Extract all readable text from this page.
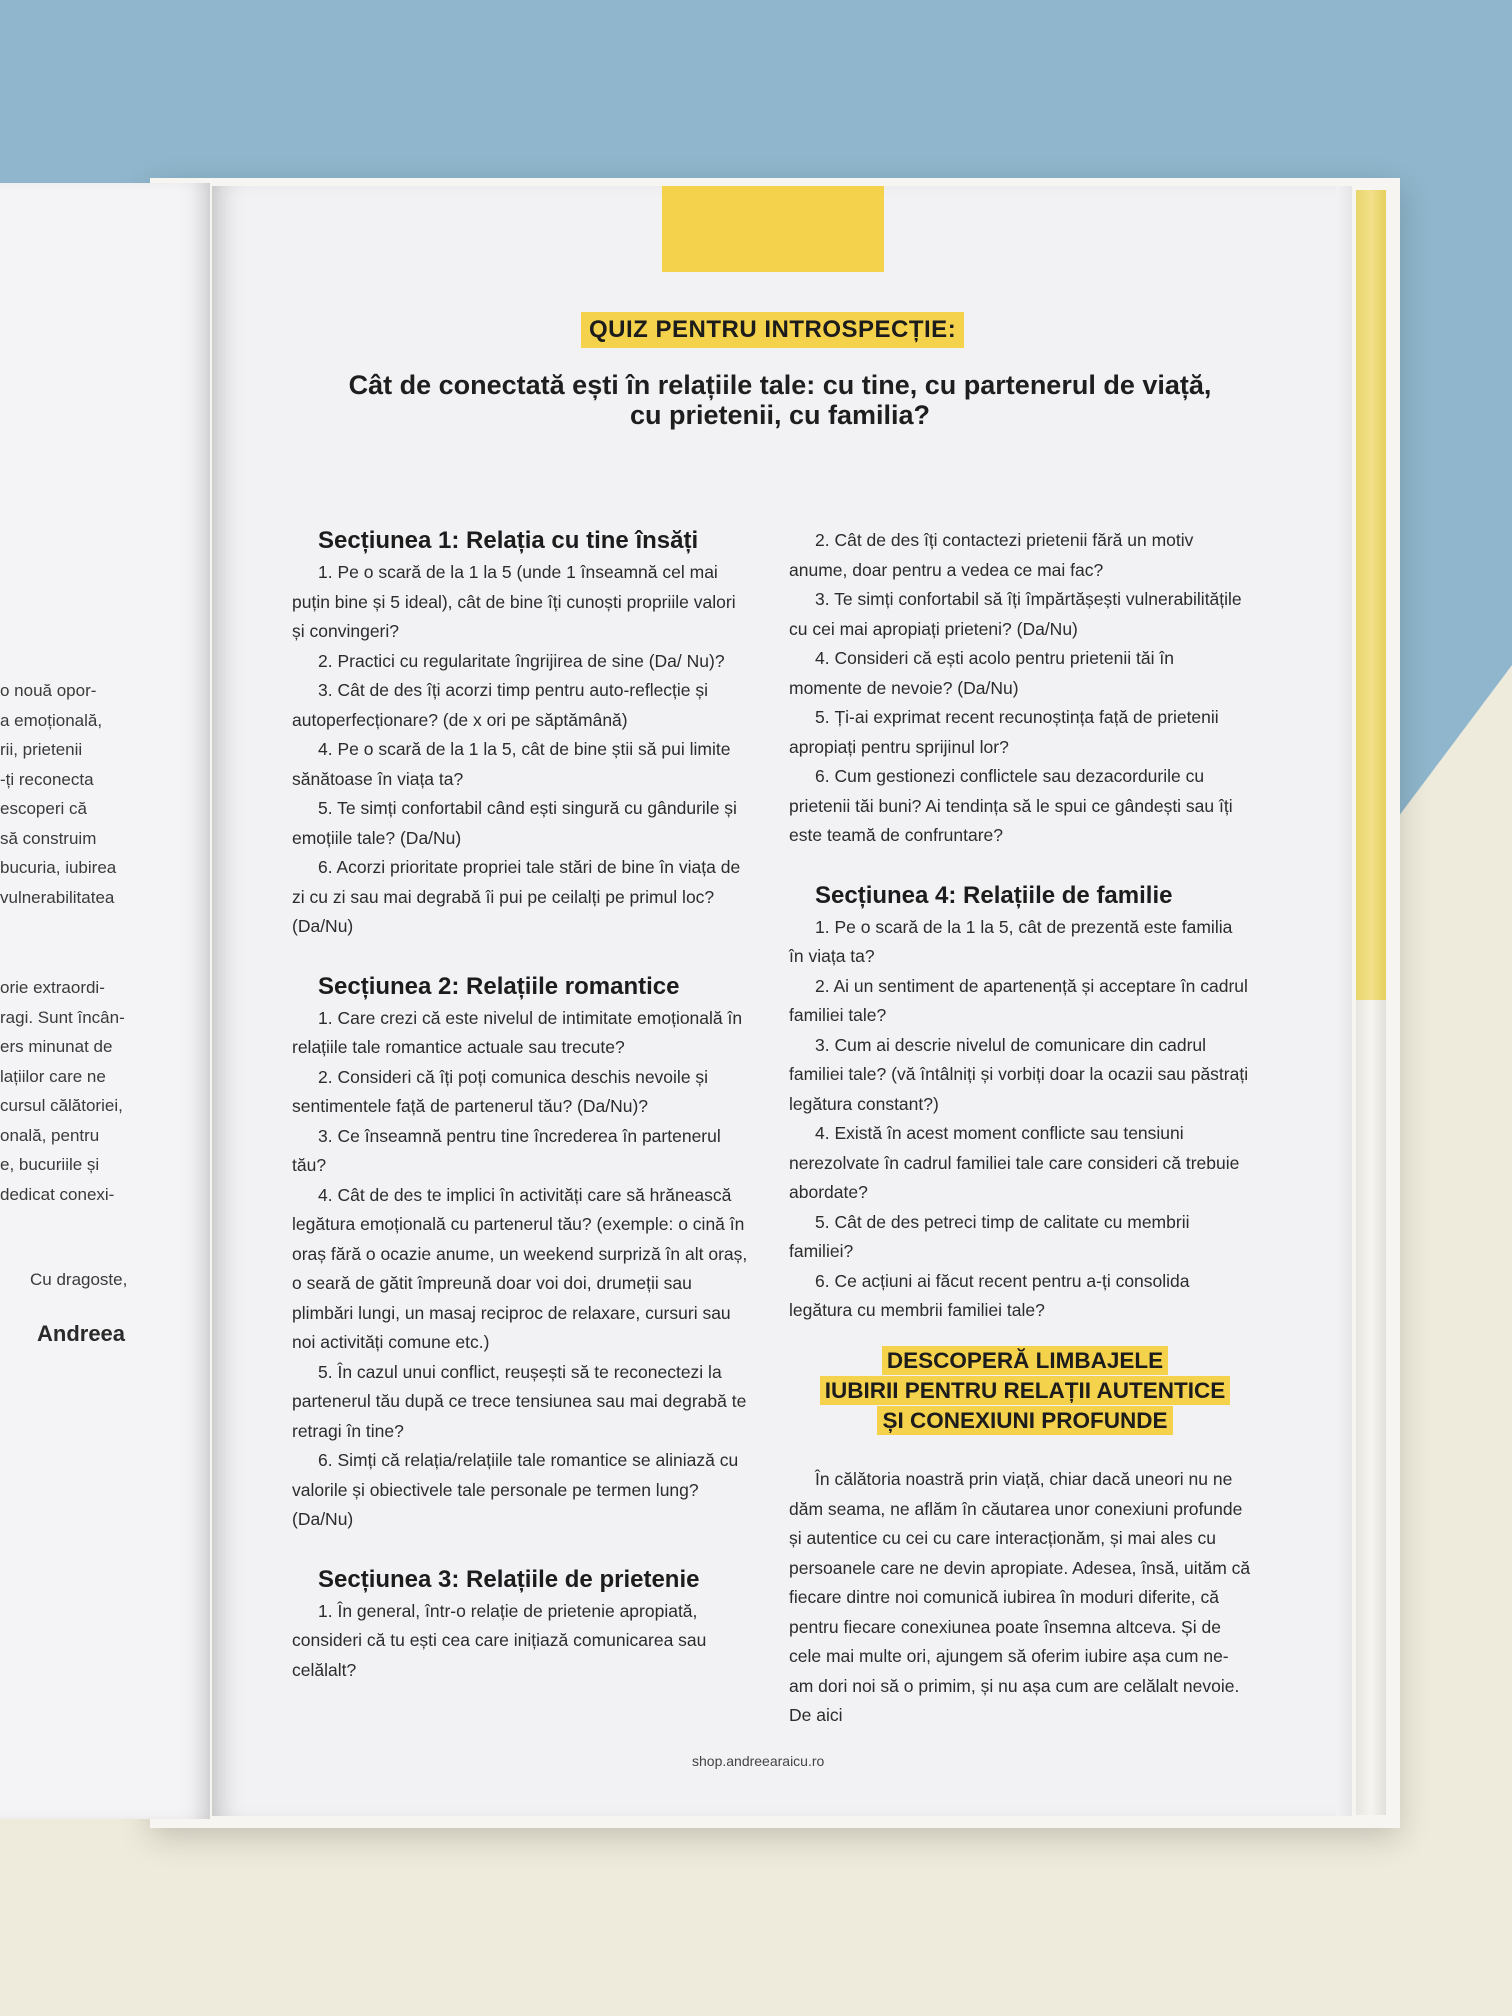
o nouă opor-
a emoțională,
rii, prietenii
-ți reconecta
escoperi că
să construim
bucuria, iubirea
vulnerabilitatea
orie extraordi-
ragi. Sunt încân-
ers minunat de
lațiilor care ne
cursul călătoriei,
onală, pentru
e, bucuriile și
dedicat conexi-
Cu dragoste,
Andreea
QUIZ PENTRU INTROSPECȚIE:
Cât de conectată ești în relațiile tale: cu tine, cu partenerul de viață,
cu prietenii, cu familia?
Secțiunea 1: Relația cu tine însăți

1. Pe o scară de la 1 la 5 (unde 1 înseamnă cel mai puțin bine și 5 ideal), cât de bine îți cunoști propriile valori și convingeri?

2. Practici cu regularitate îngrijirea de sine (Da/ Nu)?

3. Cât de des îți acorzi timp pentru auto-reflecție și autoperfecționare? (de x ori pe săptămână)

4. Pe o scară de la 1 la 5, cât de bine știi să pui limite sănătoase în viața ta?

5. Te simți confortabil când ești singură cu gândurile și emoțiile tale? (Da/Nu)

6. Acorzi prioritate propriei tale stări de bine în viața de zi cu zi sau mai degrabă îi pui pe ceilalți pe primul loc? (Da/Nu)

Secțiunea 2: Relațiile romantice

1. Care crezi că este nivelul de intimitate emoțională în relațiile tale romantice actuale sau trecute?

2. Consideri că îți poți comunica deschis nevoile și sentimentele față de partenerul tău? (Da/Nu)?

3. Ce înseamnă pentru tine încrederea în partenerul tău?

4. Cât de des te implici în activități care să hrănească legătura emoțională cu partenerul tău? (exemple: o cină în oraș fără o ocazie anume, un weekend surpriză în alt oraș, o seară de gătit împreună doar voi doi, drumeții sau plimbări lungi, un masaj reciproc de relaxare, cursuri sau noi activități comune etc.)

5. În cazul unui conflict, reușești să te reconectezi la partenerul tău după ce trece tensiunea sau mai degrabă te retragi în tine?

6. Simți că relația/relațiile tale romantice se aliniază cu valorile și obiectivele tale personale pe termen lung? (Da/Nu)

Secțiunea 3: Relațiile de prietenie

1. În general, într-o relație de prietenie apropiată, consideri că tu ești cea care inițiază comunicarea sau celălalt?

2. Cât de des îți contactezi prietenii fără un motiv anume, doar pentru a vedea ce mai fac?

3. Te simți confortabil să îți împărtășești vulnerabilitățile cu cei mai apropiați prieteni? (Da/Nu)

4. Consideri că ești acolo pentru prietenii tăi în momente de nevoie? (Da/Nu)

5. Ți-ai exprimat recent recunoștința față de prietenii apropiați pentru sprijinul lor?

6. Cum gestionezi conflictele sau dezacordurile cu prietenii tăi buni? Ai tendința să le spui ce gândești sau îți este teamă de confruntare?

Secțiunea 4: Relațiile de familie

1. Pe o scară de la 1 la 5, cât de prezentă este familia în viața ta?

2. Ai un sentiment de apartenență și acceptare în cadrul familiei tale?

3. Cum ai descrie nivelul de comunicare din cadrul familiei tale? (vă întâlniți și vorbiți doar la ocazii sau păstrați legătura constant?)

4. Există în acest moment conflicte sau tensiuni nerezolvate în cadrul familiei tale care consideri că trebuie abordate?

5. Cât de des petreci timp de calitate cu membrii familiei?

6. Ce acțiuni ai făcut recent pentru a-ți consolida legătura cu membrii familiei tale?

DESCOPERĂ LIMBAJELE
IUBIRII PENTRU RELAȚII AUTENTICE
ȘI CONEXIUNI PROFUNDE

În călătoria noastră prin viață, chiar dacă uneori nu ne dăm seama, ne aflăm în căutarea unor conexiuni profunde și autentice cu cei cu care interacționăm, și mai ales cu persoanele care ne devin apropiate. Adesea, însă, uităm că fiecare dintre noi comunică iubirea în moduri diferite, că pentru fiecare conexiunea poate însemna altceva. Și de cele mai multe ori, ajungem să oferim iubire așa cum ne-am dori noi să o primim, și nu așa cum are celălalt nevoie. De aici

shop.andreearaicu.ro
